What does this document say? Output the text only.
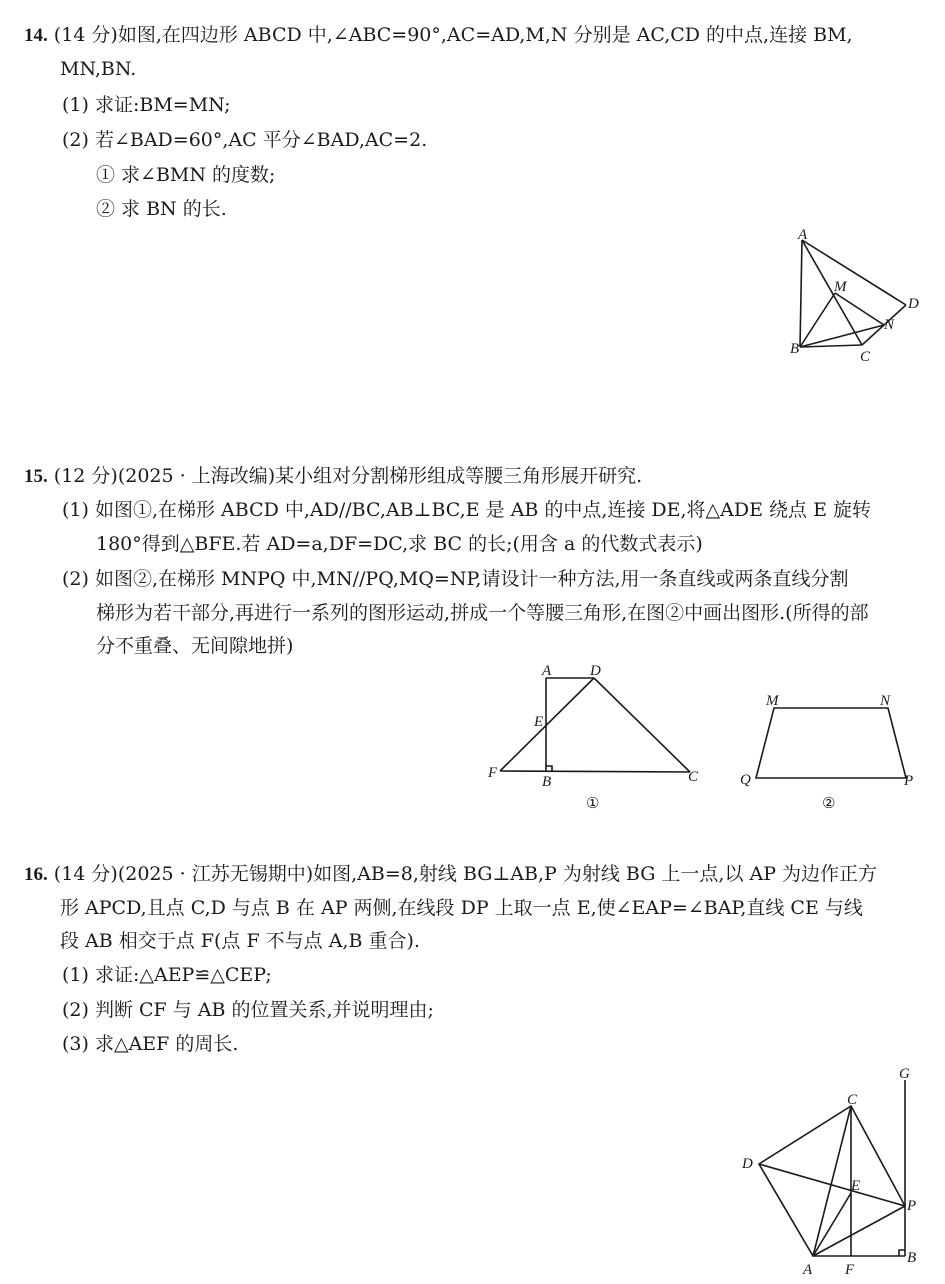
14. (14 分)如图,在四边形 ABCD 中,∠ABC=90°,AC=AD,M,N 分别是 AC,CD 的中点,连接 BM,
MN,BN.
(1) 求证:BM=MN;
(2) 若∠BAD=60°,AC 平分∠BAD,AC=2.
① 求∠BMN 的度数;
② 求 BN 的长.
A
B	C
D
M
N
15. (12 分)(2025 · 上海改编)某小组对分割梯形组成等腰三角形展开研究.
(1) 如图①,在梯形 ABCD 中,AD//BC,AB⊥BC,E 是 AB 的中点,连接 DE,将△ADE 绕点 E 旋转
180°得到△BFE.若 AD=a,DF=DC,求 BC 的长;(用含 a 的代数式表示)
(2) 如图②,在梯形 MNPQ 中,MN//PQ,MQ=NP,请设计一种方法,用一条直线或两条直线分割
梯形为若干部分,再进行一系列的图形运动,拼成一个等腰三角形,在图②中画出图形.(所得的部
分不重叠、无间隙地拼)
A	D
E
F
B	C
①
M	N
Q	P
②
16. (14 分)(2025 · 江苏无锡期中)如图,AB=8,射线 BG⊥AB,P 为射线 BG 上一点,以 AP 为边作正方
形 APCD,且点 C,D 与点 B 在 AP 两侧,在线段 DP 上取一点 E,使∠EAP=∠BAP,直线 CE 与线
段 AB 相交于点 F(点 F 不与点 A,B 重合).
(1) 求证:△AEP≌△CEP;
(2) 判断 CF 与 AB 的位置关系,并说明理由;
(3) 求△AEF 的周长.
G
C
D
E
P
A F
B
